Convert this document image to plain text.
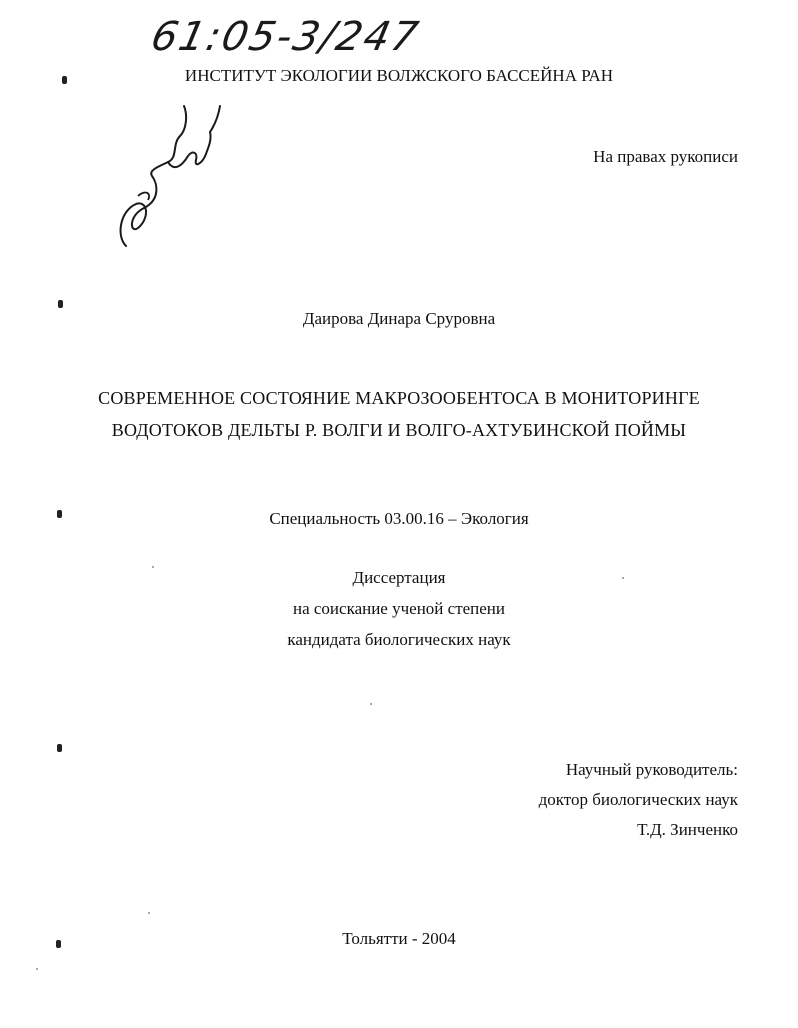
61:05-3/247
ИНСТИТУТ ЭКОЛОГИИ ВОЛЖСКОГО БАССЕЙНА РАН
На правах рукописи
Даирова Динара Сруровна
СОВРЕМЕННОЕ СОСТОЯНИЕ МАКРОЗООБЕНТОСА В МОНИТОРИНГЕ
ВОДОТОКОВ ДЕЛЬТЫ Р. ВОЛГИ И ВОЛГО-АХТУБИНСКОЙ ПОЙМЫ
Специальность 03.00.16 – Экология
Диссертация
на соискание ученой степени
кандидата биологических наук
Научный руководитель:
доктор биологических наук
Т.Д. Зинченко
Тольятти - 2004
